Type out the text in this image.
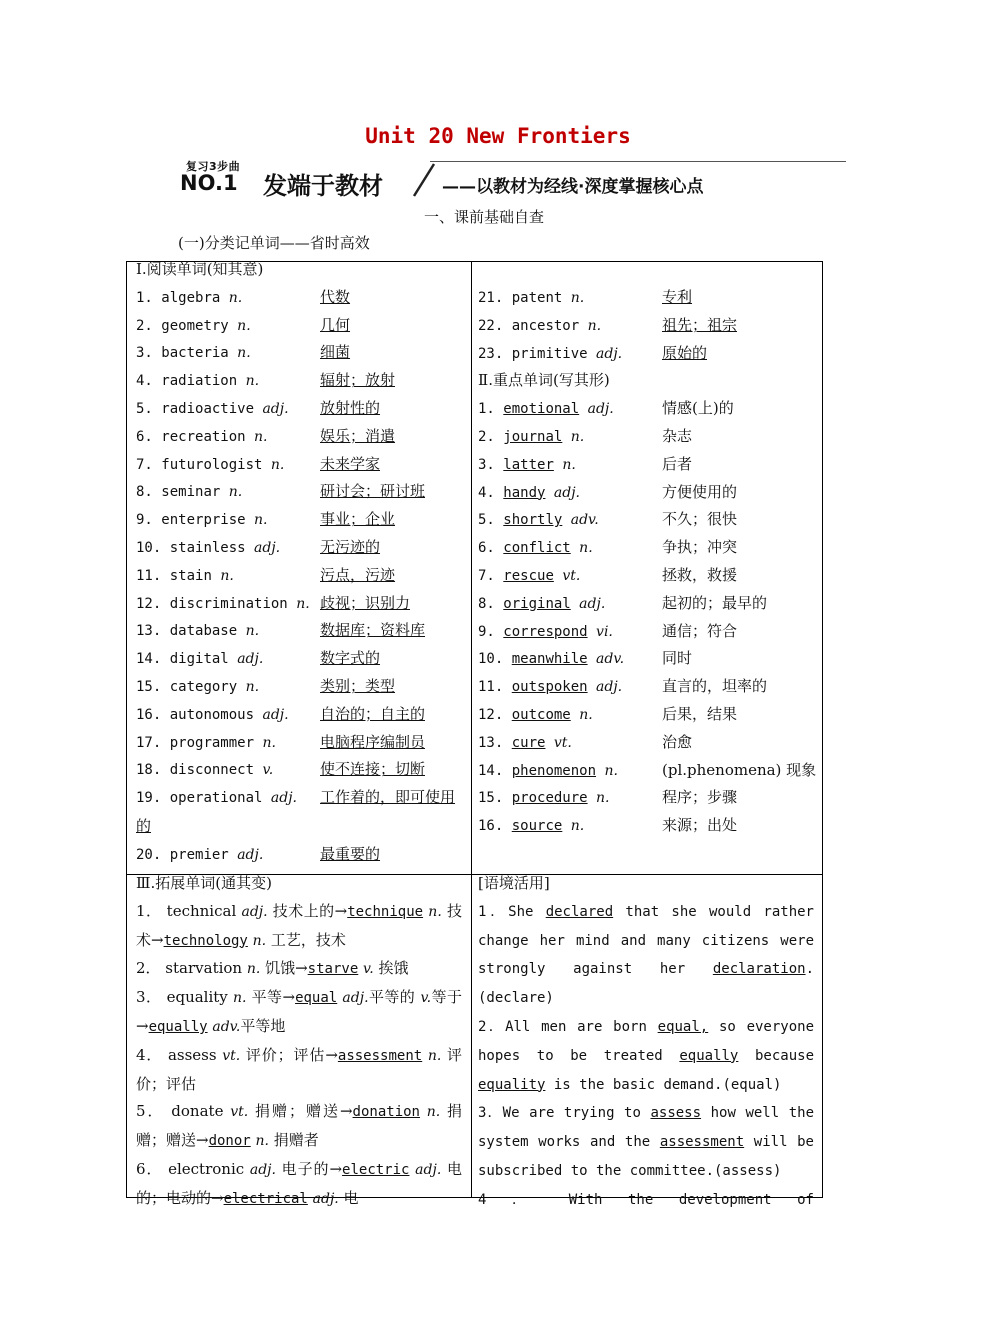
Unit 20 New Frontiers
复习3步曲
NO.1 发端于教材	——以教材为经线·深度掌握核心点
一、课前基础自查
(一)分类记单词——省时高效
Ⅰ.阅读单词(知其意)
1. algebra n.	代数
2. geometry n.	几何
3. bacteria n.	细菌
4. radiation n.	辐射；放射
5. radioactive adj. 放射性的
6. recreation n.	娱乐；消遣
7. futurologist n. 未来学家
8. seminar n.	研讨会；研讨班
9. enterprise n.	事业；企业
10. stainless adj.	无污迹的
11. stain n.	污点，污迹
12. discrimination n. 歧视；识别力
13. database n.	数据库；资料库
14. digital adj.	数字式的
15. category n.	类别；类型
16. autonomous adj. 自治的；自主的
17. programmer n.	电脑程序编制员
18. disconnect v.	使不连接；切断
19. operational adj. 工作着的，即可使用的
20. premier adj.	最重要的
21. patent n.	专利
22. ancestor n.	祖先；祖宗
23. primitive adj.	原始的
Ⅱ.重点单词(写其形)
1. emotional adj.	情感(上)的
2. journal n.	杂志
3. latter n.	后者
4. handy adj.	方便使用的
5. shortly adv.	不久；很快
6. conflict n.	争执；冲突
7. rescue vt.	拯救，救援
8. original adj.	起初的；最早的
9. correspond vi.	通信；符合
10. meanwhile adv.	同时
11. outspoken adj.	直言的，坦率的
12. outcome n.	后果，结果
13. cure vt.	治愈
14. phenomenon n.	(pl.phenomena) 现象
15. procedure n.	程序；步骤
16. source n.	来源；出处
Ⅲ.拓展单词(通其变)
1． technical adj. 技术上的→technique n. 技术→technology n. 工艺，技术
2． starvation n. 饥饿→starve v. 挨饿
3． equality n. 平等→equal adj.平等的 v.等于→equally adv.平等地
4． assess vt. 评价；评估→assessment n. 评价；评估
5． donate vt. 捐赠；赠送→donation n. 捐赠；赠送→donor n. 捐赠者
6． electronic adj. 电子的→electric adj. 电的；电动的→electrical adj. 电
[语境活用]
1．She declared that she would rather change her mind and many citizens were strongly against her declaration.(declare)
2．All men are born equal, so everyone hopes to be treated equally because equality is the basic demand.(equal)
3．We are trying to assess how well the system works and the assessment will be subscribed to the committee.(assess)
4 ． With the development of
